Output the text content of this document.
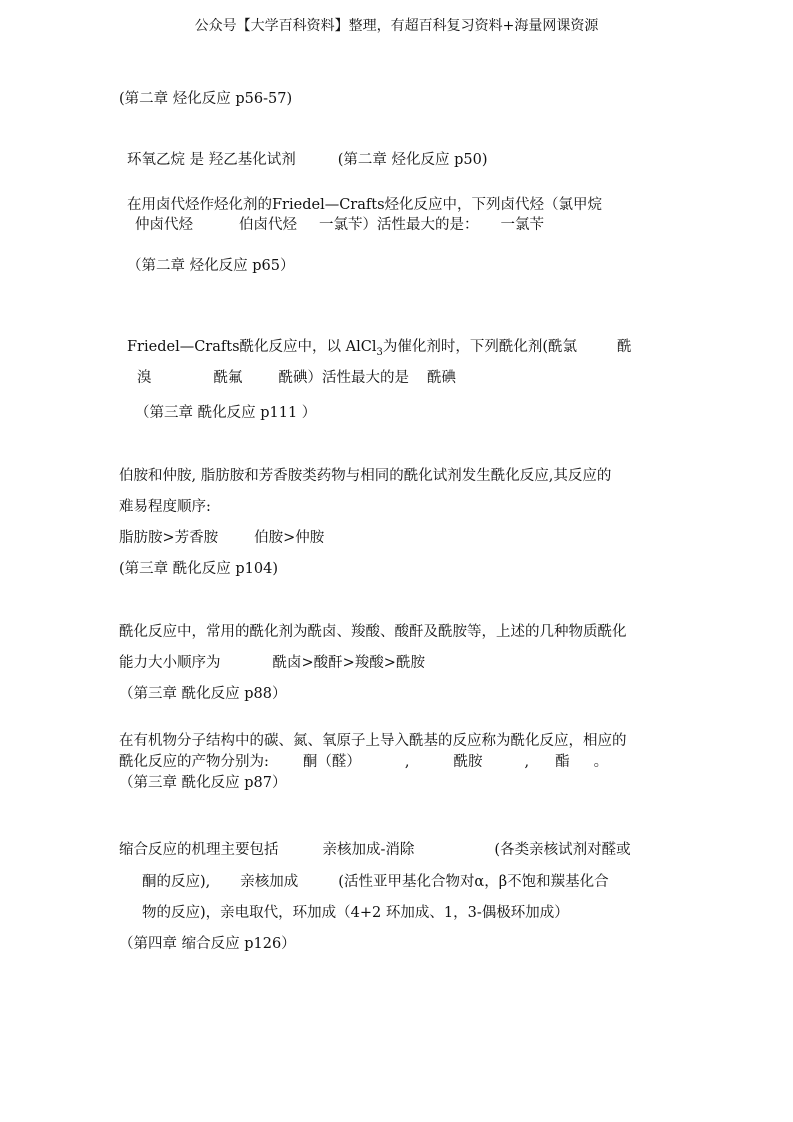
公众号【大学百科资料】整理，有超百科复习资料+海量网课资源
(第二章 烃化反应 p56-57)
环氧乙烷 是 羟乙基化试剂	(第二章 烃化反应 p50)
在用卤代烃作烃化剂的Friedel—Crafts烃化反应中，下列卤代烃（氯甲烷
仲卤代烃	伯卤代烃 一氯苄）活性最大的是： 一氯苄
（第二章 烃化反应 p65）
Friedel—Crafts酰化反应中，以 AlCl$_3$为催化剂时，下列酰化剂(酰氯	酰
溴	酰氟 酰碘）活性最大的是 酰碘
（第三章 酰化反应 p111 ）
伯胺和仲胺, 脂肪胺和芳香胺类药物与相同的酰化试剂发生酰化反应,其反应的
难易程度顺序:
脂肪胺>芳香胺 伯胺>仲胺
(第三章 酰化反应 p104)
酰化反应中，常用的酰化剂为酰卤、羧酸、酸酐及酰胺等，上述的几种物质酰化
能力大小顺序为	酰卤>酸酐>羧酸>酰胺
（第三章 酰化反应 p88）
在有机物分子结构中的碳、氮、氧原子上导入酰基的反应称为酰化反应，相应的
酰化反应的产物分别为: 酮（醛）	,	酰胺	, 酯 。
（第三章 酰化反应 p87）
缩合反应的机理主要包括	亲核加成-消除	(各类亲核试剂对醛或
酮的反应), 亲核加成	(活性亚甲基化合物对α，β不饱和羰基化合
物的反应)，亲电取代，环加成（4+2 环加成、1，3-偶极环加成）
（第四章 缩合反应 p126）
